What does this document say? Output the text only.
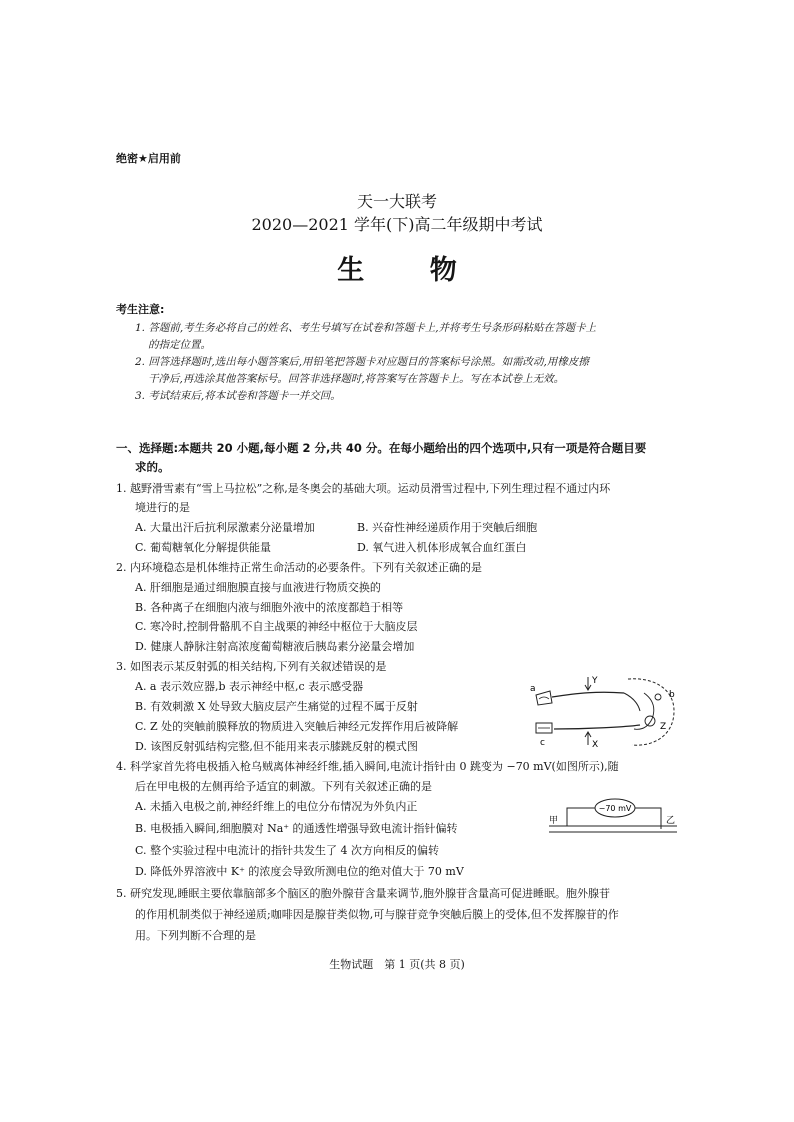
绝密★启用前
天一大联考
2020—2021 学年(下)高二年级期中考试
生 物
考生注意:
1. 答题前,考生务必将自己的姓名、考生号填写在试卷和答题卡上,并将考生号条形码粘贴在答题卡上
的指定位置。
2. 回答选择题时,选出每小题答案后,用铅笔把答题卡对应题目的答案标号涂黑。如需改动,用橡皮擦
干净后,再选涂其他答案标号。回答非选择题时,将答案写在答题卡上。写在本试卷上无效。
3. 考试结束后,将本试卷和答题卡一并交回。
一、选择题:本题共 20 小题,每小题 2 分,共 40 分。在每小题给出的四个选项中,只有一项是符合题目要
求的。
1. 越野滑雪素有“雪上马拉松”之称,是冬奥会的基础大项。运动员滑雪过程中,下列生理过程不通过内环
境进行的是
A. 大量出汗后抗利尿激素分泌量增加	B. 兴奋性神经递质作用于突触后细胞
C. 葡萄糖氧化分解提供能量	D. 氧气进入机体形成氧合血红蛋白
2. 内环境稳态是机体维持正常生命活动的必要条件。下列有关叙述正确的是
A. 肝细胞是通过细胞膜直接与血液进行物质交换的
B. 各种离子在细胞内液与细胞外液中的浓度都趋于相等
C. 寒冷时,控制骨骼肌不自主战栗的神经中枢位于大脑皮层
D. 健康人静脉注射高浓度葡萄糖液后胰岛素分泌量会增加
3. 如图表示某反射弧的相关结构,下列有关叙述错误的是
A. a 表示效应器,b 表示神经中枢,c 表示感受器
B. 有效刺激 X 处导致大脑皮层产生痛觉的过程不属于反射
C. Z 处的突触前膜释放的物质进入突触后神经元发挥作用后被降解
D. 该图反射弧结构完整,但不能用来表示膝跳反射的模式图
a
b
c	X
Y
Z
4. 科学家首先将电极插入枪乌贼离体神经纤维,插入瞬间,电流计指针由 0 跳变为 −70 mV(如图所示),随
后在甲电极的左侧再给予适宜的刺激。下列有关叙述正确的是
A. 未插入电极之前,神经纤维上的电位分布情况为外负内正
B. 电极插入瞬间,细胞膜对 Na⁺ 的通透性增强导致电流计指针偏转
C. 整个实验过程中电流计的指针共发生了 4 次方向相反的偏转
D. 降低外界溶液中 K⁺ 的浓度会导致所测电位的绝对值大于 70 mV
−70 mV
甲	乙
5. 研究发现,睡眠主要依靠脑部多个脑区的胞外腺苷含量来调节,胞外腺苷含量高可促进睡眠。胞外腺苷
的作用机制类似于神经递质;咖啡因是腺苷类似物,可与腺苷竞争突触后膜上的受体,但不发挥腺苷的作
用。下列判断不合理的是
生物试题　第 1 页(共 8 页)
